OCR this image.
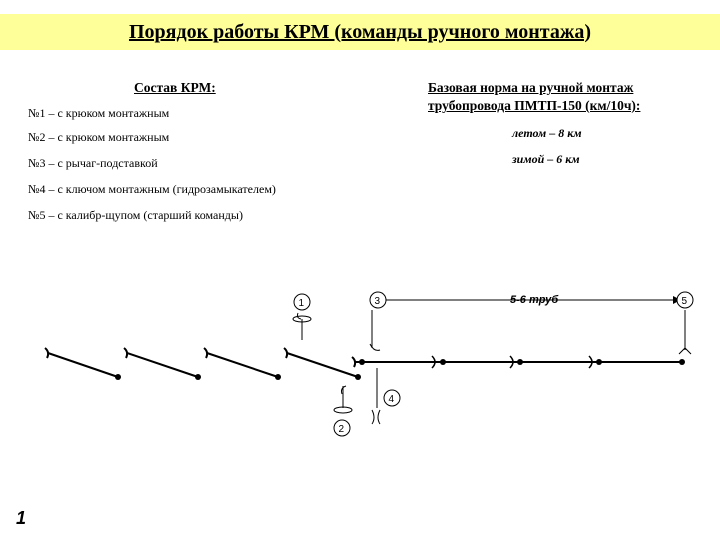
Порядок работы КРМ (команды ручного монтажа)
Состав КРМ:
№1 – с крюком монтажным
№2 – с крюком монтажным
№3 – с рычаг-подставкой
№4 – с ключом монтажным (гидрозамыкателем)
№5 – с калибр-щупом (старший команды)
Базовая норма на ручной монтаж
трубопровода ПМТП-150 (км/10ч):
летом – 8 км
зимой – 6 км
5-6 труб
1
2
3
4
5
1
